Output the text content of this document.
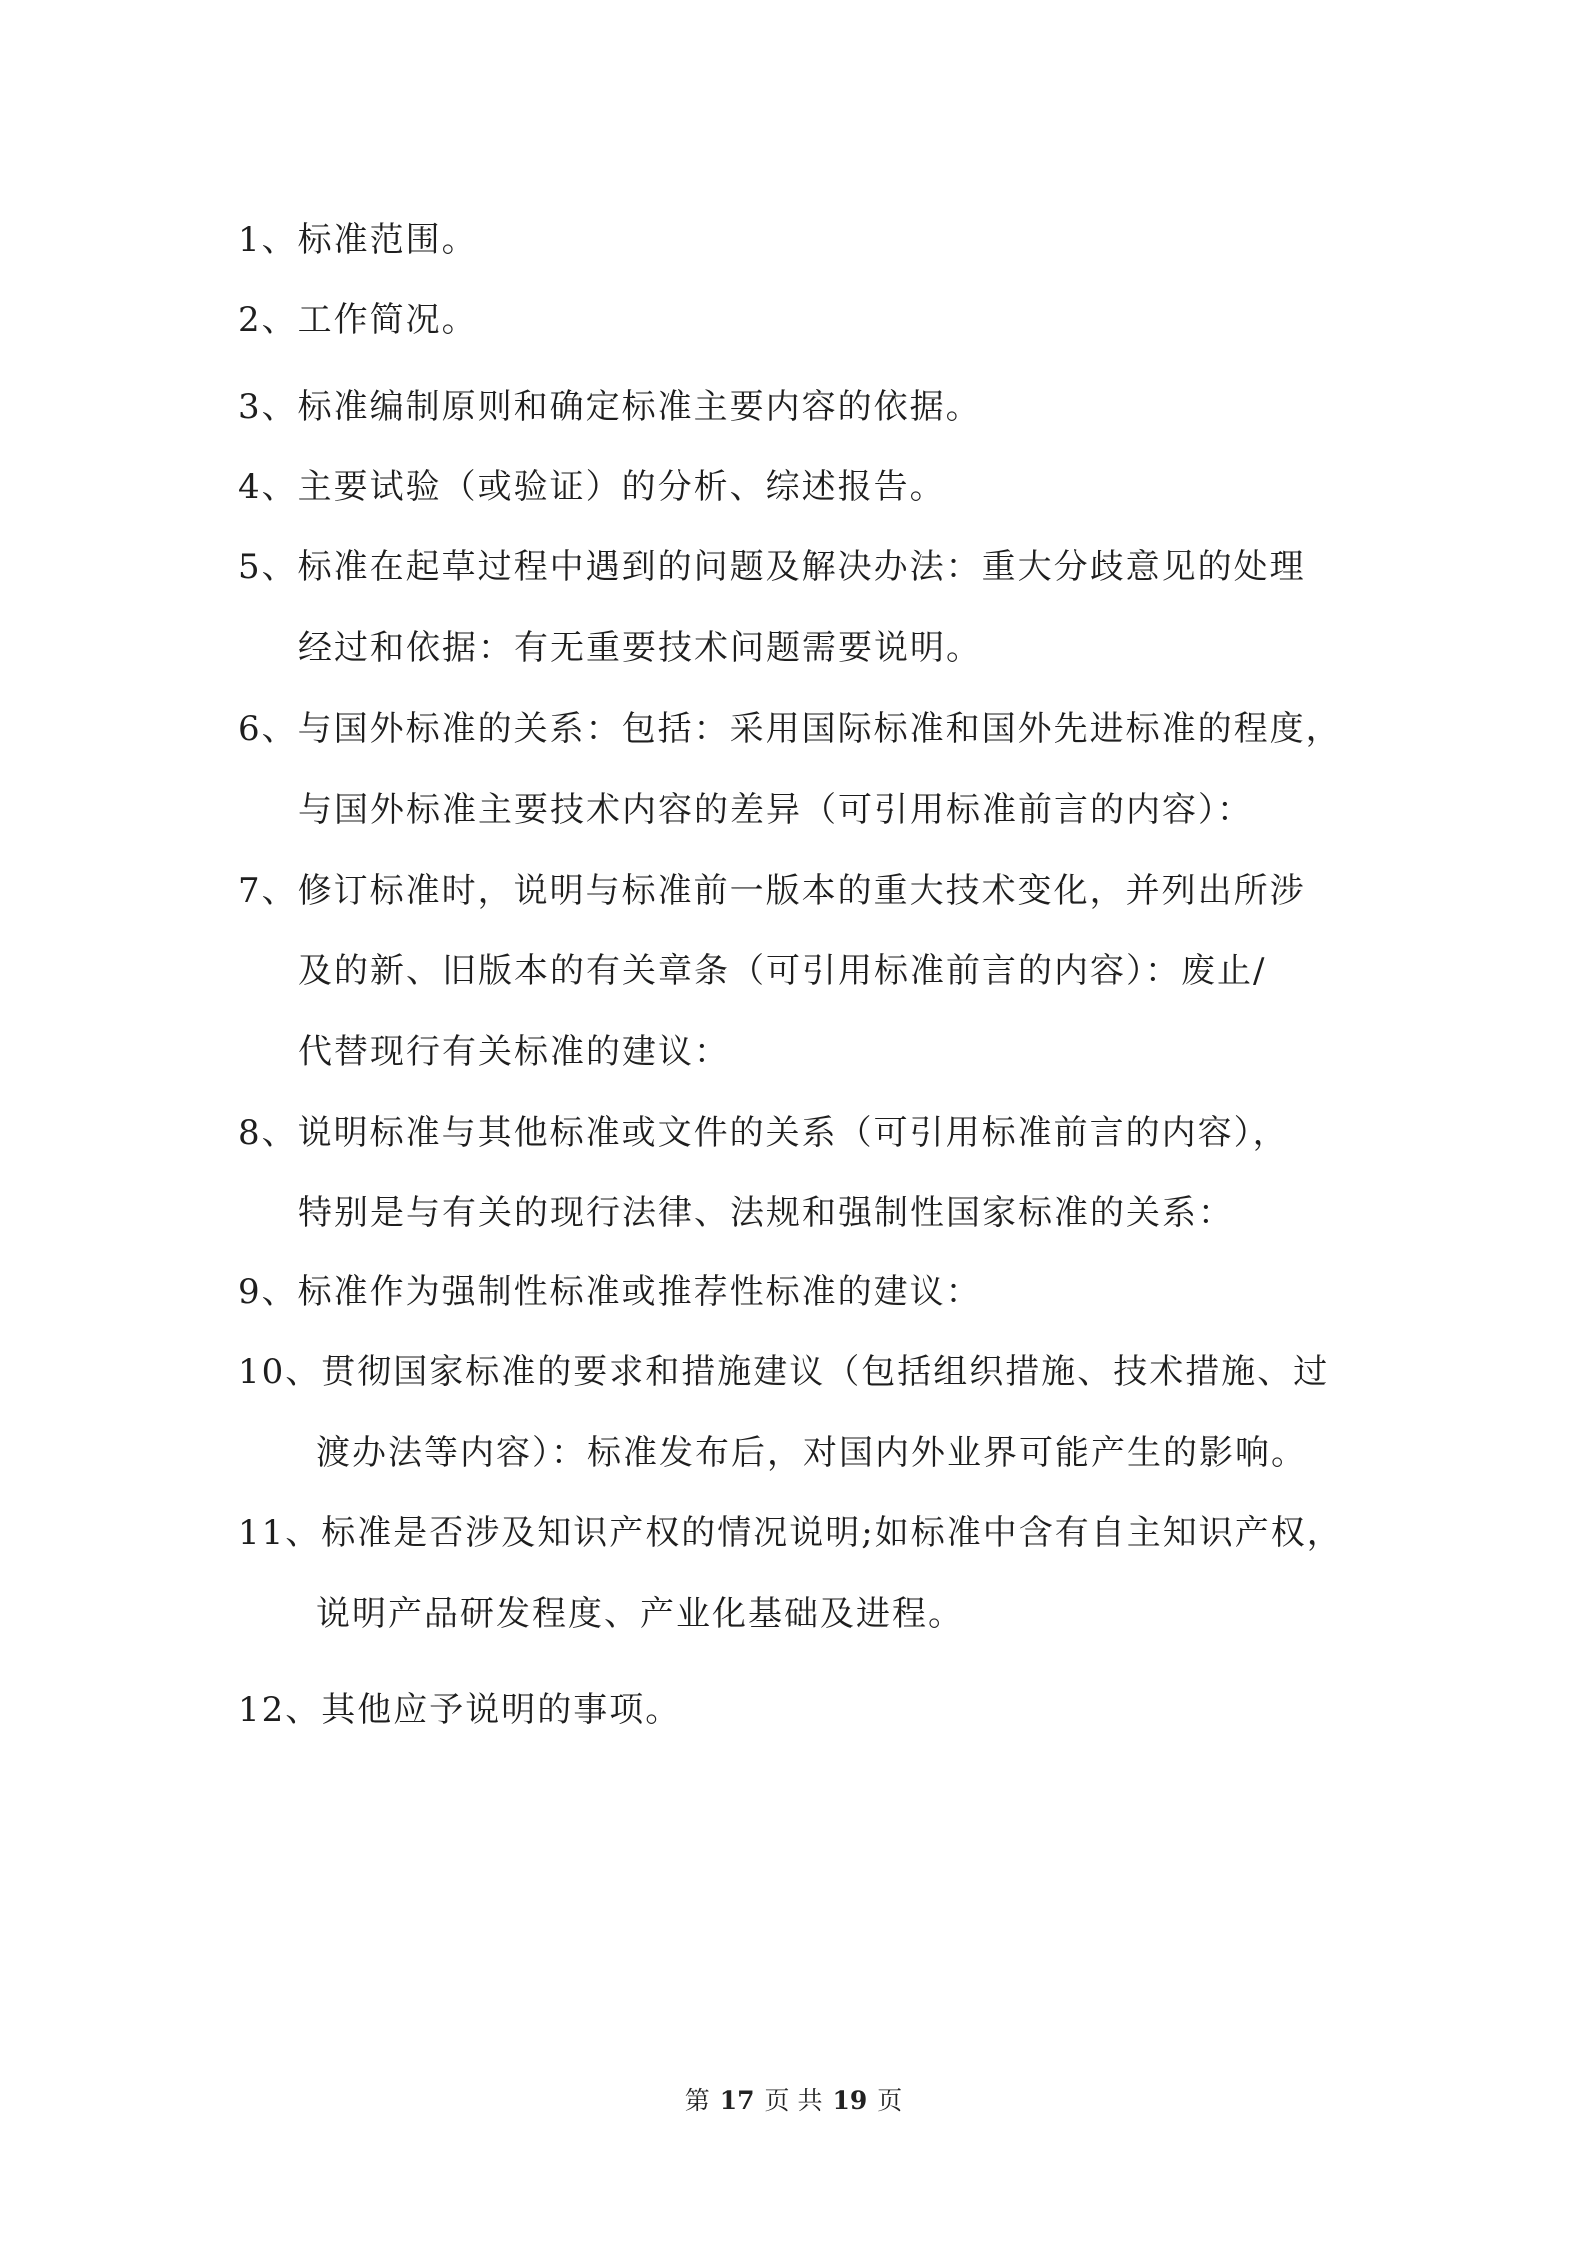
1、标准范围。
2、工作简况。
3、标准编制原则和确定标准主要内容的依据。
4、主要试验（或验证）的分析、综述报告。
5、标准在起草过程中遇到的问题及解决办法：重大分歧意见的处理
经过和依据：有无重要技术问题需要说明。
6、与国外标准的关系：包括：采用国际标准和国外先进标准的程度，
与国外标准主要技术内容的差异（可引用标准前言的内容）：
7、修订标准时，说明与标准前一版本的重大技术变化，并列出所涉
及的新、旧版本的有关章条（可引用标准前言的内容）：废止/
代替现行有关标准的建议：
8、说明标准与其他标准或文件的关系（可引用标准前言的内容），
特别是与有关的现行法律、法规和强制性国家标准的关系：
9、标准作为强制性标准或推荐性标准的建议：
10、贯彻国家标准的要求和措施建议（包括组织措施、技术措施、过
渡办法等内容）：标准发布后，对国内外业界可能产生的影响。
11、标准是否涉及知识产权的情况说明;如标准中含有自主知识产权，
说明产品研发程度、产业化基础及进程。
12、其他应予说明的事项。
第 17 页 共 19 页
